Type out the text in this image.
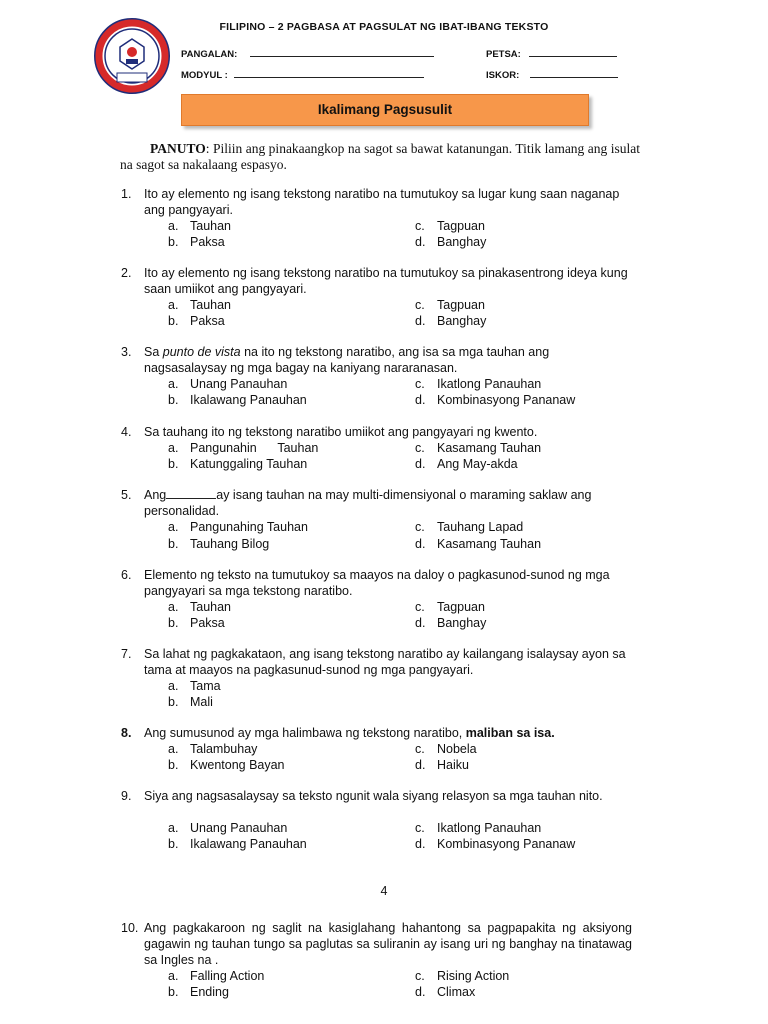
FILIPINO – 2 PAGBASA AT PAGSULAT NG IBAT-IBANG TEKSTO
PANGALAN:
MODYUL :
PETSA:
ISKOR:
Ikalimang Pagsusulit
PANUTO: Piliin ang pinakaangkop na sagot sa bawat katanungan. Titik lamang ang isulat na sagot sa nakalaang espasyo.
1.	Ito ay elemento ng isang tekstong naratibo na tumutukoy sa lugar kung saan naganap ang pangyayari.
a. Tauhan
b. Paksa
c. Tagpuan
d. Banghay
2.	Ito ay elemento ng isang tekstong naratibo na tumutukoy sa pinakasentrong ideya kung saan umiikot ang pangyayari.
a. Tauhan
b. Paksa
c. Tagpuan
d. Banghay
3.	Sa punto de vista na ito ng tekstong naratibo, ang isa sa mga tauhan ang nagsasalaysay ng mga bagay na kaniyang nararanasan.
a. Unang Panauhan
b. Ikalawang Panauhan
c. Ikatlong Panauhan
d. Kombinasyong Pananaw
4.	Sa tauhang ito ng tekstong naratibo umiikot ang pangyayari ng kwento.
a. Pangunahin      Tauhan
b. Katunggaling Tauhan
c. Kasamang Tauhan
d. Ang May-akda
5.	Ang	ay isang tauhan na may multi-dimensiyonal o maraming saklaw ang personalidad.
a. Pangunahing Tauhan
b. Tauhang Bilog
c. Tauhang Lapad
d. Kasamang Tauhan
6.	Elemento ng teksto na tumutukoy sa maayos na daloy o pagkasunod-sunod ng mga pangyayari sa mga tekstong naratibo.
a. Tauhan
b. Paksa
c. Tagpuan
d. Banghay
7.	Sa lahat ng pagkakataon, ang isang tekstong naratibo ay kailangang isalaysay ayon sa tama at maayos na pagkasunud-sunod ng mga pangyayari.
a. Tama
b. Mali
8.	Ang sumusunod ay mga halimbawa ng tekstong naratibo, maliban sa isa.
a. Talambuhay
b. Kwentong Bayan
c. Nobela
d. Haiku
9.	Siya ang nagsasalaysay sa teksto ngunit wala siyang relasyon sa mga tauhan nito.
a. Unang Panauhan
b. Ikalawang Panauhan
c. Ikatlong Panauhan
d. Kombinasyong Pananaw
4
10. Ang pagkakaroon ng saglit na kasiglahang hahantong sa pagpapakita ng aksiyong gagawin ng tauhan tungo sa paglutas sa suliranin ay isang uri ng banghay na tinatawag sa Ingles na .
a. Falling Action
b. Ending
c. Rising Action
d. Climax
